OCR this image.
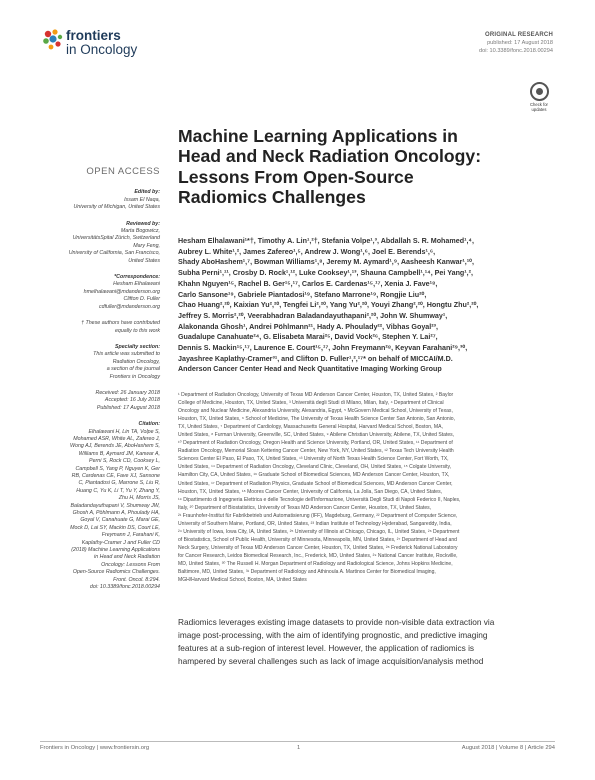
frontiers
in Oncology
ORIGINAL RESEARCH
published: 17 August 2018
doi: 10.3389/fonc.2018.00294
Check for
updates
OPEN ACCESS
Edited by:
Issam El Naqa,
University of Michigan, United States
Reviewed by:
Marta Bogowicz,
UniversitätsSpital Zürich, Switzerland
Mary Feng,
University of California, San Francisco,
United States
*Correspondence:
Hesham Elhalawani
hmelhalawani@mdanderson.org
Clifton D. Fuller
cdfuller@mdanderson.org
† These authors have contributed
equally to this work
Specialty section:
This article was submitted to
Radiation Oncology,
a section of the journal
Frontiers in Oncology
Received: 26 January 2018
Accepted: 16 July 2018
Published: 17 August 2018
Citation:
Elhalawani H, Lin TA, Volpe S,
Mohamed ASR, White AL, Zafereo J,
Wong AJ, Berends JE, AboHashem S,
Williams B, Aymard JM, Kanwar A,
Perni S, Rock CD, Cooksey L,
Campbell S, Yang P, Nguyen K, Ger
RB, Cardenas CE, Fave XJ, Sansone
C, Piantadosi G, Marrone S, Liu R,
Huang C, Yu K, Li T, Yu Y, Zhang Y,
Zhu H, Morris JS,
Baladandayuthapani V, Shumway JW,
Ghosh A, Pöhlmann A, Phoulady HA,
Goyal V, Canahuate G, Marai GE,
Mock D, Lai SY, Mackin DS, Court LE,
Freymann J, Farahani K,
Kaplathy-Cramer J and Fuller CD
(2018) Machine Learning Applications
in Head and Neck Radiation
Oncology: Lessons From
Open-Source Radiomics Challenges.
Front. Oncol. 8:294.
doi: 10.3389/fonc.2018.00294
Machine Learning Applications in
Head and Neck Radiation Oncology:
Lessons From Open-Source
Radiomics Challenges
Hesham Elhalawani¹*†, Timothy A. Lin¹,²†, Stefania Volpe¹,³, Abdallah S. R. Mohamed¹,⁴,
Aubrey L. White¹,², James Zafereo¹,⁵, Andrew J. Wong¹,⁶, Joel E. Berends¹,⁶,
Shady AboHashem¹,⁷, Bowman Williams¹,⁸, Jeremy M. Aymard¹,⁹, Aasheesh Kanwar¹,¹⁰,
Subha Perni¹,¹¹, Crosby D. Rock¹,¹², Luke Cooksey¹,¹³, Shauna Campbell¹,¹⁴, Pei Yang¹,²,
Khahn Nguyen¹⁵, Rachel B. Ger¹⁵,¹⁷, Carlos E. Cardenas¹⁵,¹⁷, Xenia J. Fave¹⁸,
Carlo Sansone¹⁹, Gabriele Piantadosi¹⁹, Stefano Marrone¹⁹, Rongjie Liu²⁰,
Chao Huang²,²⁰, Kaixian Yu²,²⁰, Tengfei Li²,²⁰, Yang Yu²,²⁰, Youyi Zhang²,²⁰, Hongtu Zhu²,²⁰,
Jeffrey S. Morris²,²⁰, Veerabhadran Baladandayuthapani²,²⁰, John W. Shumway¹,
Alakonanda Ghosh¹, Andrei Pöhlmann²¹, Hady A. Phoulady²², Vibhas Goyal²³,
Guadalupe Canahuate²⁴, G. Elisabeta Marai²⁵, David Vock²⁶, Stephen Y. Lai²⁷,
Dennis S. Mackin¹⁵,¹⁷, Laurence E. Court¹⁵,¹⁷, John Freymann²⁸, Keyvan Farahani²⁹,³⁰,
Jayashree Kaplathy-Cramer³¹, and Clifton D. Fuller¹,²,¹⁷* on behalf of MICCAI/M.D.
Anderson Cancer Center Head and Neck Quantitative Imaging Working Group
¹ Department of Radiation Oncology, University of Texas MD Anderson Cancer Center, Houston, TX, United States, ² Baylor
College of Medicine, Houston, TX, United States, ³ Università degli Studi di Milano, Milan, Italy, ⁴ Department of Clinical
Oncology and Nuclear Medicine, Alexandria University, Alexandria, Egypt, ⁵ McGovern Medical School, University of Texas,
Houston, TX, United States, ⁶ School of Medicine, The University of Texas Health Science Center San Antonio, San Antonio,
TX, United States, ⁷ Department of Cardiology, Massachusetts General Hospital, Harvard Medical School, Boston, MA,
United States, ⁸ Furman University, Greenville, SC, United States, ⁹ Abilene Christian University, Abilene, TX, United States,
¹⁰ Department of Radiation Oncology, Oregon Health and Science University, Portland, OR, United States, ¹¹ Department of
Radiation Oncology, Memorial Sloan Kettering Cancer Center, New York, NY, United States, ¹² Texas Tech University Health
Sciences Center El Paso, El Paso, TX, United States, ¹³ University of North Texas Health Science Center, Fort Worth, TX,
United States, ¹⁴ Department of Radiation Oncology, Cleveland Clinic, Cleveland, OH, United States, ¹⁵ Colgate University,
Hamilton City, CA, United States, ¹⁶ Graduate School of Biomedical Sciences, MD Anderson Cancer Center, Houston, TX,
United States, ¹⁷ Department of Radiation Physics, Graduate School of Biomedical Sciences, MD Anderson Cancer Center,
Houston, TX, United States, ¹⁸ Moores Cancer Center, University of California, La Jolla, San Diego, CA, United States,
¹⁹ Dipartimento di Ingegneria Elettrica e delle Tecnologie dell'Informazione, Università Degli Studi di Napoli Federico II, Naples,
Italy, ²⁰ Department of Biostatistics, University of Texas MD Anderson Cancer Center, Houston, TX, United States,
²¹ Fraunhofer-Institut für Fabrikbetrieb und Automatisierung (IFF), Magdeburg, Germany, ²² Department of Computer Science,
University of Southern Maine, Portland, OR, United States, ²³ Indian Institute of Technology Hyderabad, Sangareddy, India,
²⁴ University of Iowa, Iowa City, IA, United States, ²⁵ University of Illinois at Chicago, Chicago, IL, United States, ²⁶ Department
of Biostatistics, School of Public Health, University of Minnesota, Minneapolis, MN, United States, ²⁷ Department of Head and
Neck Surgery, University of Texas MD Anderson Cancer Center, Houston, TX, United States, ²⁸ Frederick National Laboratory
for Cancer Research, Leidos Biomedical Research, Inc., Frederick, MD, United States, ²⁹ National Cancer Institute, Rockville,
MD, United States, ³⁰ The Russell H. Morgan Department of Radiology and Radiological Science, Johns Hopkins Medicine,
Baltimore, MD, United States, ³¹ Department of Radiology and Athinoula A. Martinos Center for Biomedical Imaging,
MGH/Harvard Medical School, Boston, MA, United States
Radiomics leverages existing image datasets to provide non-visible data extraction via
image post-processing, with the aim of identifying prognostic, and predictive imaging
features at a sub-region of interest level. However, the application of radiomics is
hampered by several challenges such as lack of image acquisition/analysis method
Frontiers in Oncology | www.frontiersin.org	1	August 2018 | Volume 8 | Article 294
